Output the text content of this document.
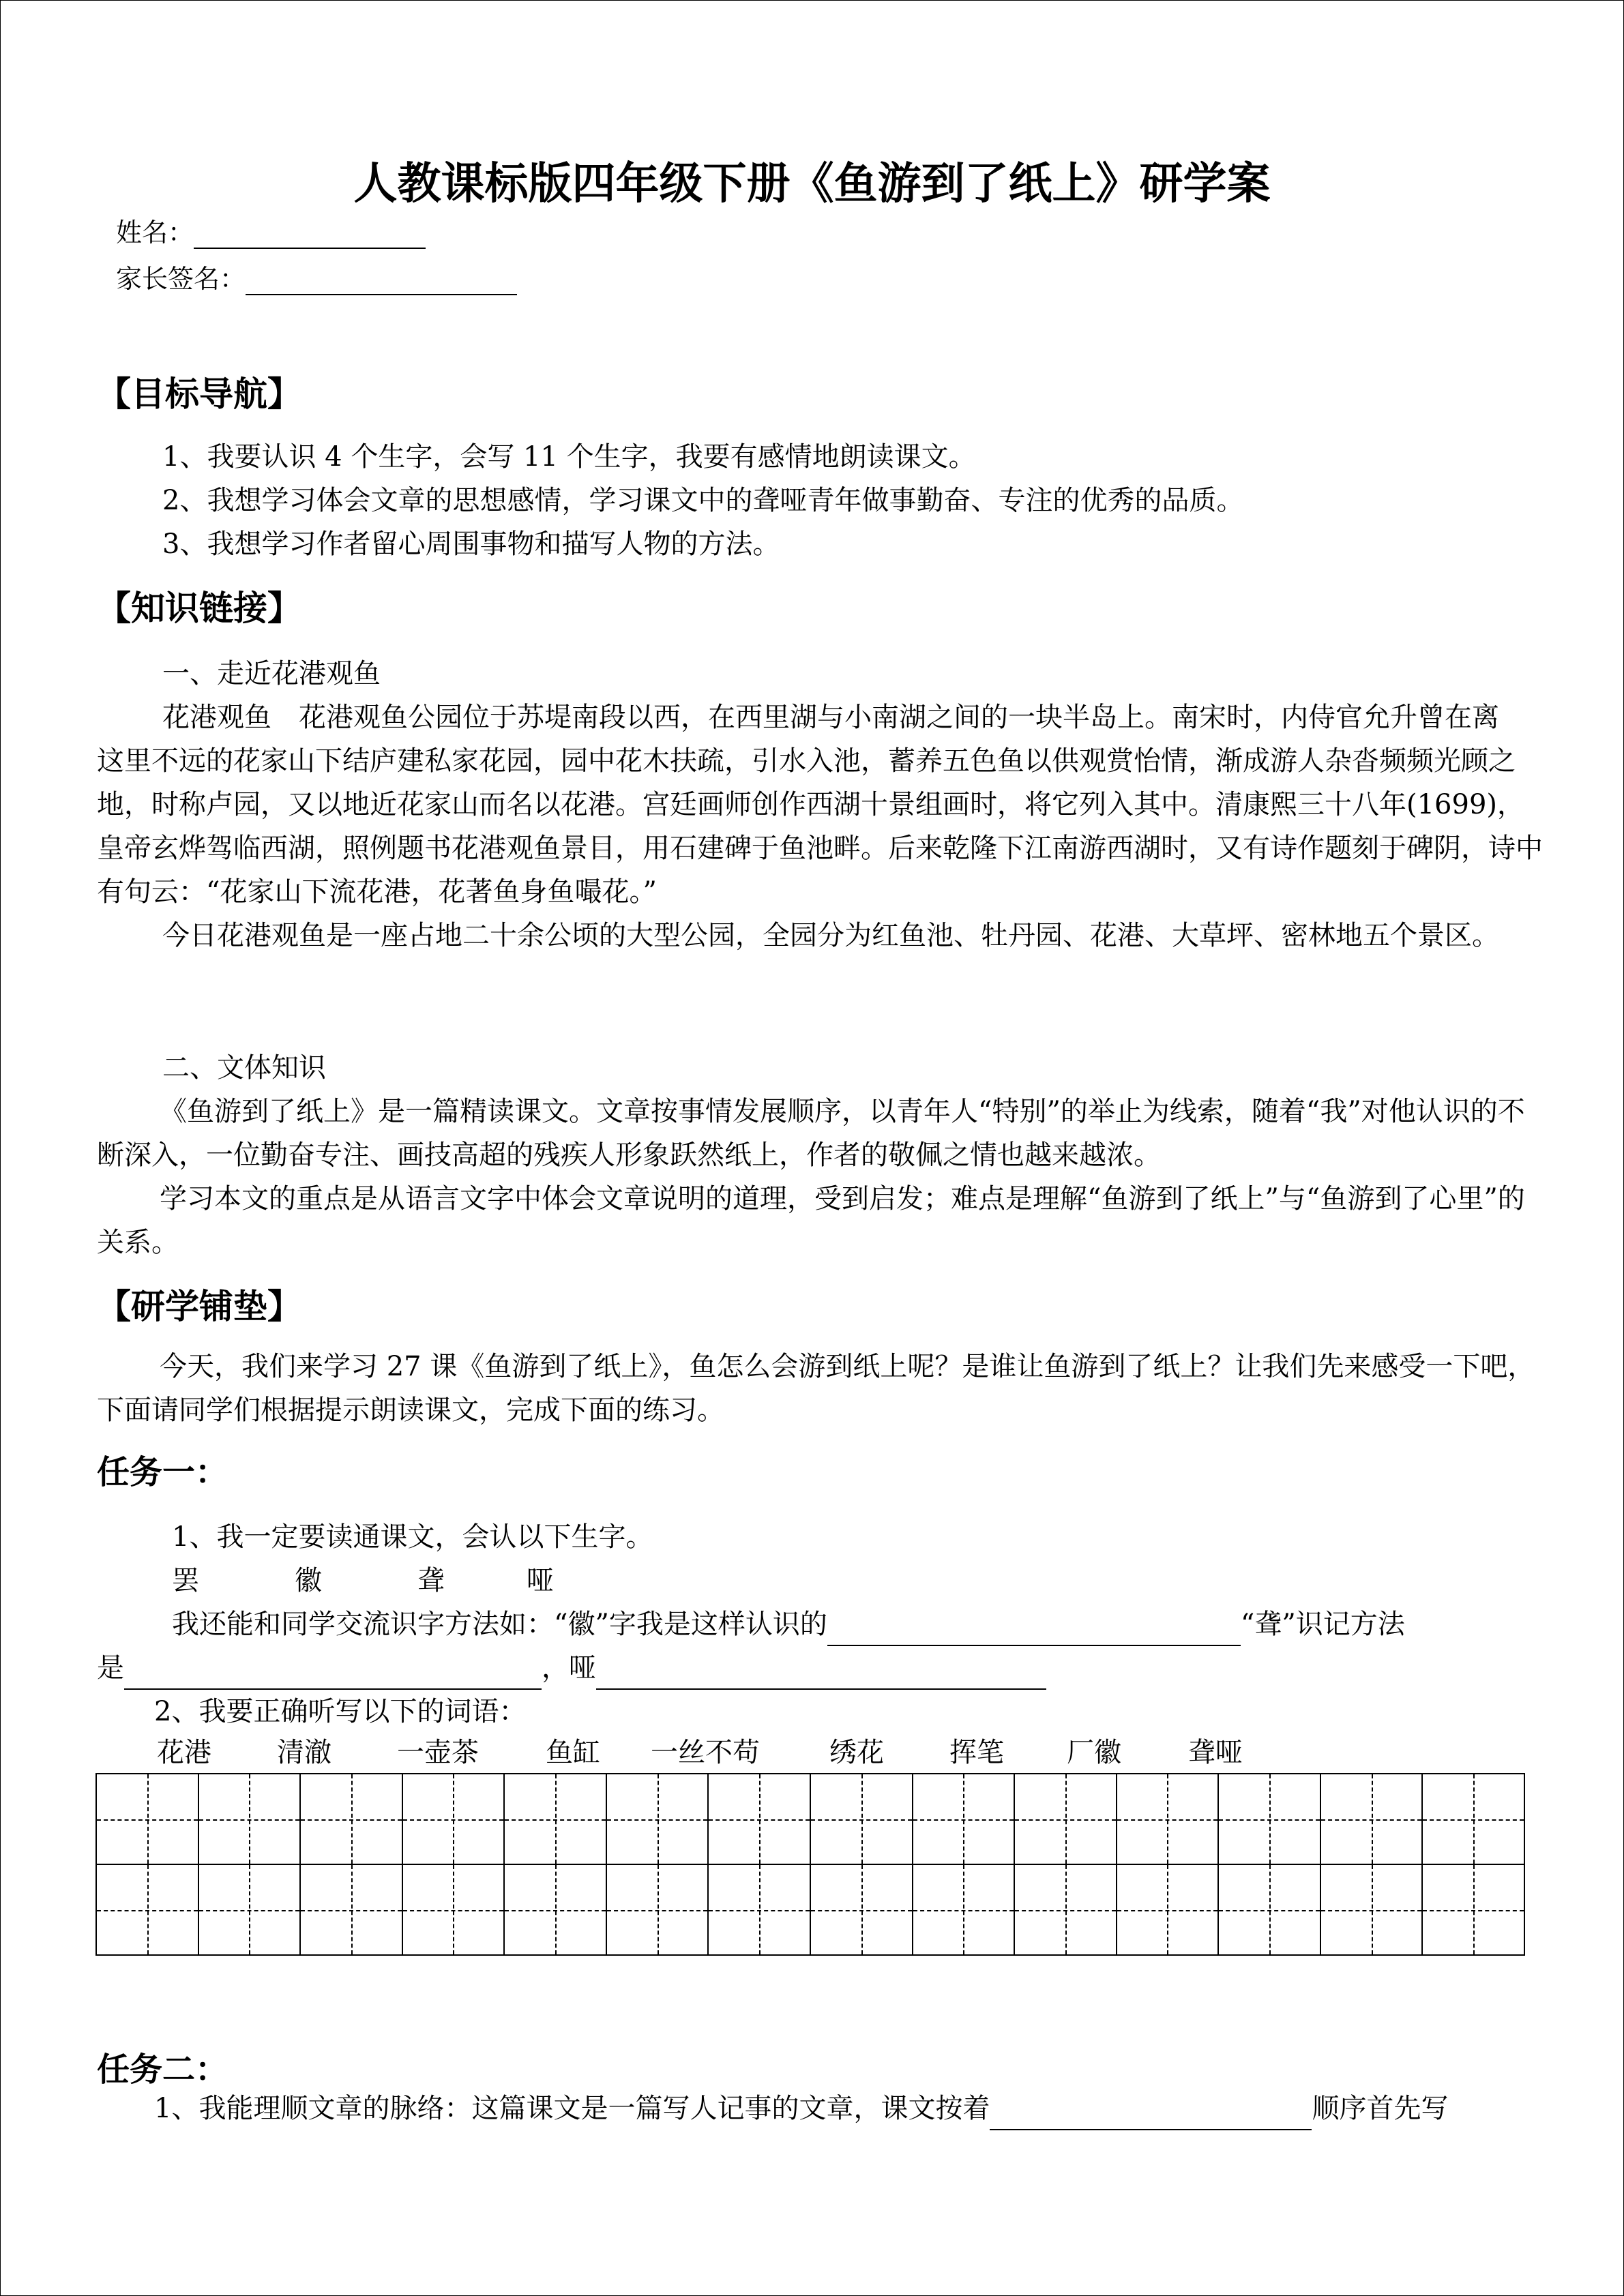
人教课标版四年级下册《鱼游到了纸上》研学案
姓名：
家长签名：
【目标导航】
1、我要认识 4 个生字，会写 11 个生字，我要有感情地朗读课文。
2、我想学习体会文章的思想感情，学习课文中的聋哑青年做事勤奋、专注的优秀的品质。
3、我想学习作者留心周围事物和描写人物的方法。
【知识链接】
一、走近花港观鱼

花港观鱼　花港观鱼公园位于苏堤南段以西，在西里湖与小南湖之间的一块半岛上。南宋时，内侍官允升曾在离

这里不远的花家山下结庐建私家花园，园中花木扶疏，引水入池，蓄养五色鱼以供观赏怡情，渐成游人杂沓频频光顾之地，时称卢园，又以地近花家山而名以花港。宫廷画师创作西湖十景组画时，将它列入其中。清康熙三十八年(1699)，皇帝玄烨驾临西湖，照例题书花港观鱼景目，用石建碑于鱼池畔。后来乾隆下江南游西湖时，又有诗作题刻于碑阴，诗中有句云：“花家山下流花港，花著鱼身鱼嘬花。”

今日花港观鱼是一座占地二十余公顷的大型公园，全园分为红鱼池、牡丹园、花港、大草坪、密林地五个景区。

二、文体知识

《鱼游到了纸上》是一篇精读课文。文章按事情发展顺序，以青年人“特别”的举止为线索，随着“我”对他认识的不断深入，一位勤奋专注、画技高超的残疾人形象跃然纸上，作者的敬佩之情也越来越浓。

学习本文的重点是从语言文字中体会文章说明的道理，受到启发；难点是理解“鱼游到了纸上”与“鱼游到了心里”的关系。

【研学铺垫】

今天，我们来学习 27 课《鱼游到了纸上》，鱼怎么会游到纸上呢？是谁让鱼游到了纸上？让我们先来感受一下吧，下面请同学们根据提示朗读课文，完成下面的练习。

任务一：
1、我一定要读通课文，会认以下生字。
罢	徽	聋	哑
我还能和同学交流识字方法如：“徽”字我是这样认识的	“聋”识记方法
是	，哑
2、我要正确听写以下的词语：
花港 清澈 一壶茶 鱼缸 一丝不苟	绣花 挥笔 厂徽 聋哑

任务二：
1、我能理顺文章的脉络：这篇课文是一篇写人记事的文章，课文按着	顺序首先写
